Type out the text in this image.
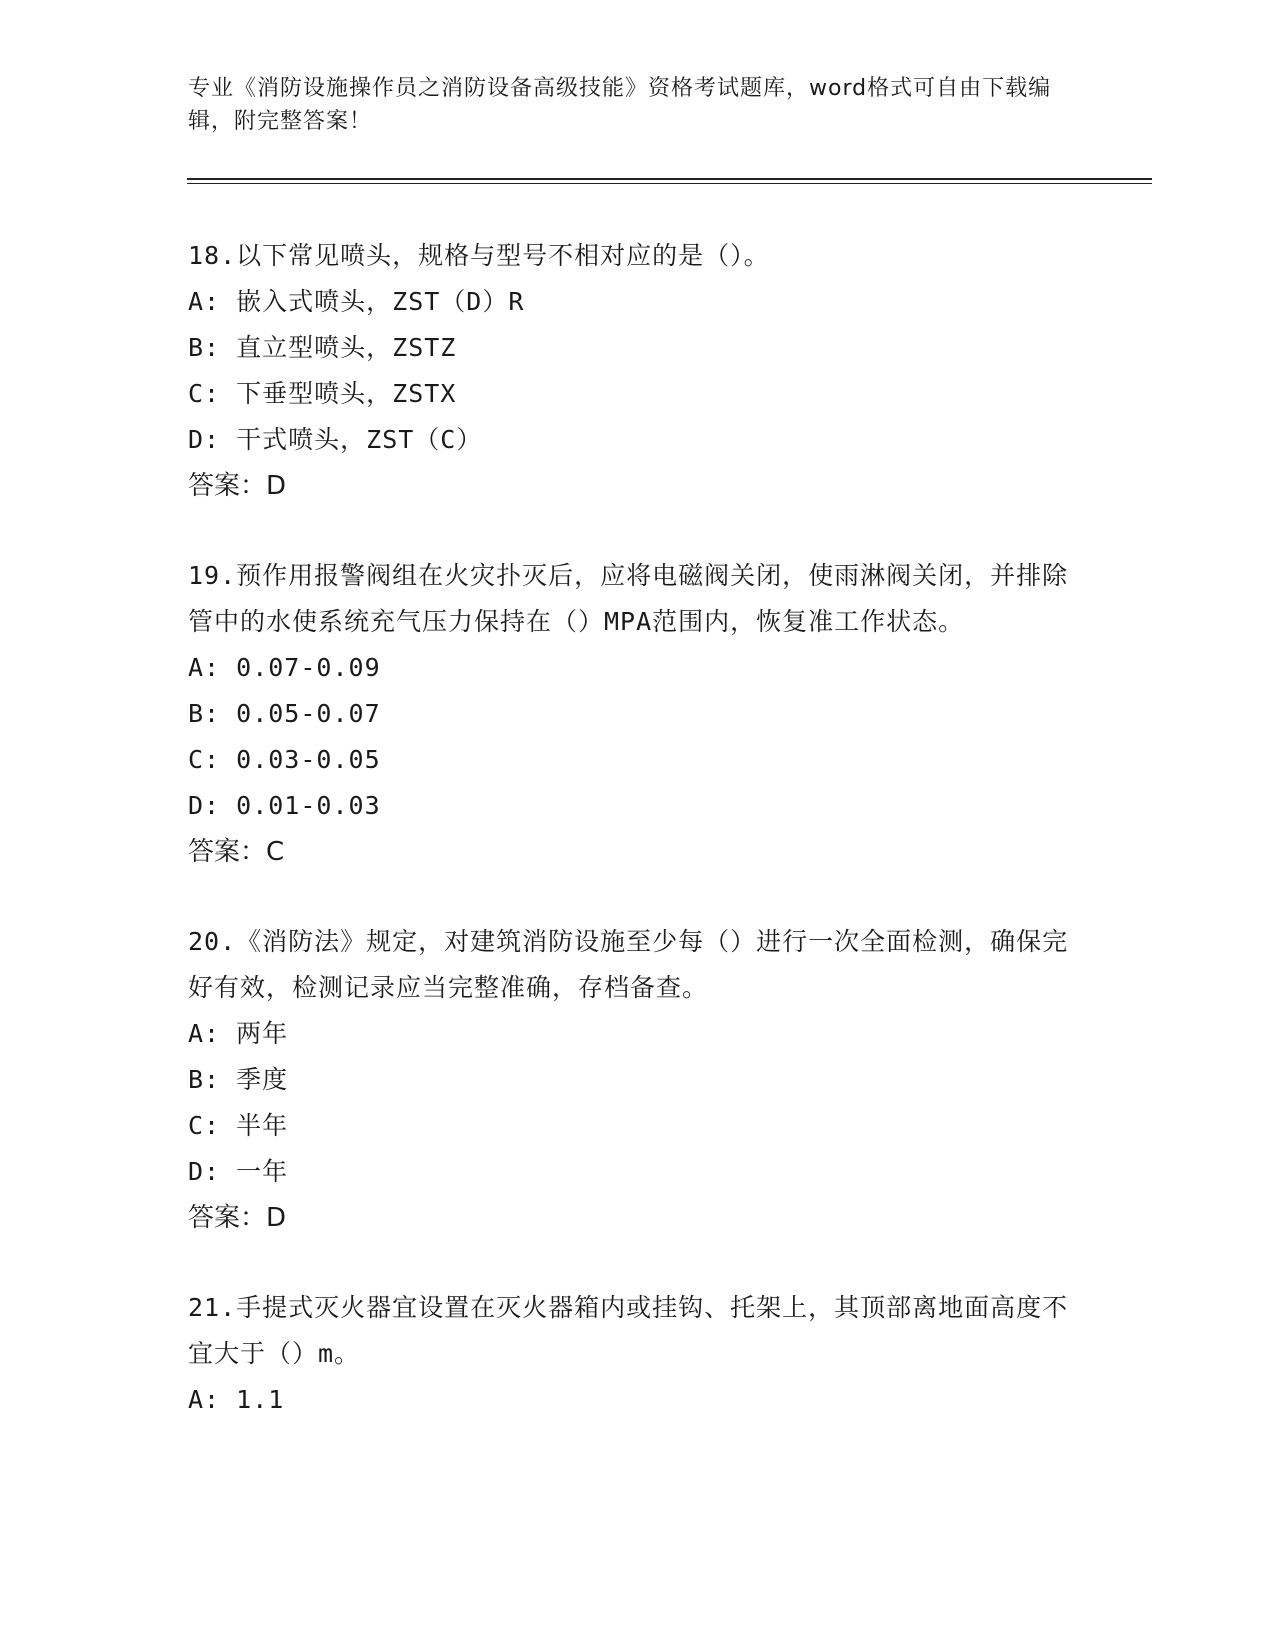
专业《消防设施操作员之消防设备高级技能》资格考试题库，word格式可自由下载编辑，附完整答案！
18.以下常见喷头，规格与型号不相对应的是（）。
A: 嵌入式喷头，ZST（D）R
B: 直立型喷头，ZSTZ
C: 下垂型喷头，ZSTX
D: 干式喷头，ZST（C）
答案：D
19.预作用报警阀组在火灾扑灭后，应将电磁阀关闭，使雨淋阀关闭，并排除管中的水使系统充气压力保持在（）MPA范围内，恢复准工作状态。
A: 0.07-0.09
B: 0.05-0.07
C: 0.03-0.05
D: 0.01-0.03
答案：C
20.《消防法》规定，对建筑消防设施至少每（）进行一次全面检测，确保完好有效，检测记录应当完整准确，存档备查。
A: 两年
B: 季度
C: 半年
D: 一年
答案：D
21.手提式灭火器宜设置在灭火器箱内或挂钩、托架上，其顶部离地面高度不宜大于（）m。
A: 1.1
